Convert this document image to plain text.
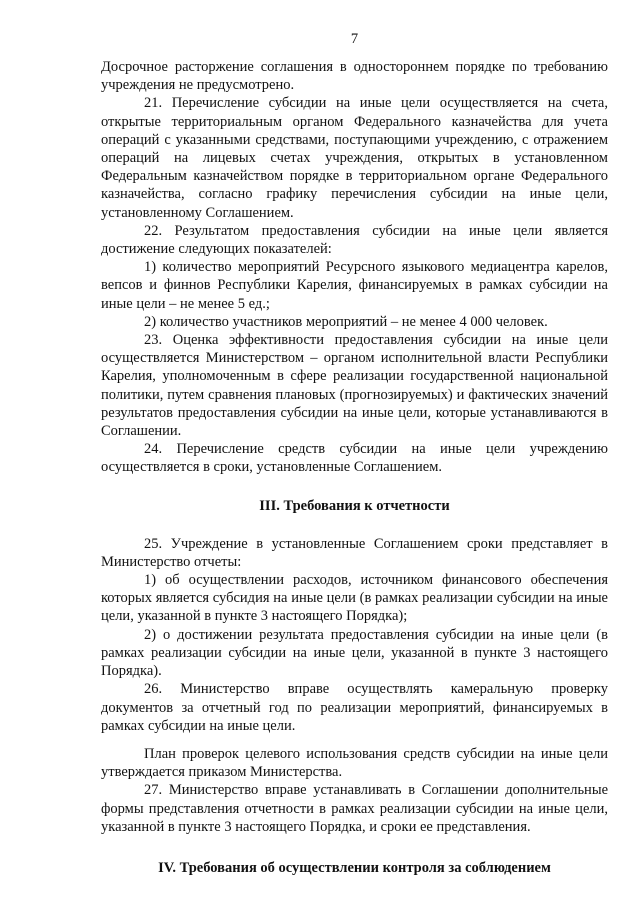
7

Досрочное расторжение соглашения в одностороннем порядке по требованию учреждения не предусмотрено.

21. Перечисление субсидии на иные цели осуществляется на счета, открытые территориальным органом Федерального казначейства для учета операций с указанными средствами, поступающими учреждению, с отражением операций на лицевых счетах учреждения, открытых в установленном Федеральным казначейством порядке в территориальном органе Федерального казначейства, согласно графику перечисления субсидии на иные цели, установленному Соглашением.

22. Результатом предоставления субсидии на иные цели является достижение следующих показателей:

1) количество мероприятий Ресурсного языкового медиацентра карелов, вепсов и финнов Республики Карелия, финансируемых в рамках субсидии на иные цели – не менее 5 ед.;

2) количество участников мероприятий – не менее 4 000 человек.

23. Оценка эффективности предоставления субсидии на иные цели осуществляется Министерством – органом исполнительной власти Республики Карелия, уполномоченным в сфере реализации государственной национальной политики, путем сравнения плановых (прогнозируемых) и фактических значений результатов предоставления субсидии на иные цели, которые устанавливаются в Соглашении.

24. Перечисление средств субсидии на иные цели учреждению осуществляется в сроки, установленные Соглашением.

III. Требования к отчетности

25. Учреждение в установленные Соглашением сроки представляет в Министерство отчеты:

1) об осуществлении расходов, источником финансового обеспечения которых является субсидия на иные цели (в рамках реализации субсидии на иные цели, указанной в пункте 3 настоящего Порядка);

2) о достижении результата предоставления субсидии на иные цели (в рамках реализации субсидии на иные цели, указанной в пункте 3 настоящего Порядка).

26. Министерство вправе осуществлять камеральную проверку документов за отчетный год по реализации мероприятий, финансируемых в рамках субсидии на иные цели.

План проверок целевого использования средств субсидии на иные цели утверждается приказом Министерства.

27. Министерство вправе устанавливать в Соглашении дополнительные формы представления отчетности в рамках реализации субсидии на иные цели, указанной в пункте 3 настоящего Порядка, и сроки ее представления.

IV. Требования об осуществлении контроля за соблюдением
